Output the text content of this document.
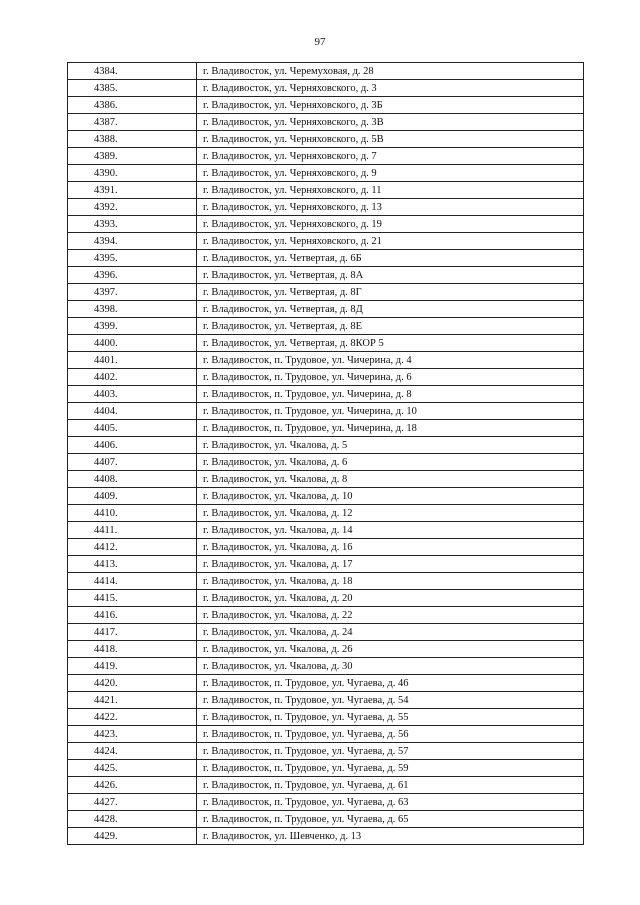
97
4384.	г. Владивосток, ул. Черемуховая, д. 28
4385.	г. Владивосток, ул. Черняховского, д. 3
4386.	г. Владивосток, ул. Черняховского, д. 3Б
4387.	г. Владивосток, ул. Черняховского, д. 3В
4388.	г. Владивосток, ул. Черняховского, д. 5В
4389.	г. Владивосток, ул. Черняховского, д. 7
4390.	г. Владивосток, ул. Черняховского, д. 9
4391.	г. Владивосток, ул. Черняховского, д. 11
4392.	г. Владивосток, ул. Черняховского, д. 13
4393.	г. Владивосток, ул. Черняховского, д. 19
4394.	г. Владивосток, ул. Черняховского, д. 21
4395.	г. Владивосток, ул. Четвертая, д. 6Б
4396.	г. Владивосток, ул. Четвертая, д. 8А
4397.	г. Владивосток, ул. Четвертая, д. 8Г
4398.	г. Владивосток, ул. Четвертая, д. 8Д
4399.	г. Владивосток, ул. Четвертая, д. 8Е
4400.	г. Владивосток, ул. Четвертая, д. 8КОР 5
4401.	г. Владивосток, п. Трудовое, ул. Чичерина, д. 4
4402.	г. Владивосток, п. Трудовое, ул. Чичерина, д. 6
4403.	г. Владивосток, п. Трудовое, ул. Чичерина, д. 8
4404.	г. Владивосток, п. Трудовое, ул. Чичерина, д. 10
4405.	г. Владивосток, п. Трудовое, ул. Чичерина, д. 18
4406.	г. Владивосток, ул. Чкалова, д. 5
4407.	г. Владивосток, ул. Чкалова, д. 6
4408.	г. Владивосток, ул. Чкалова, д. 8
4409.	г. Владивосток, ул. Чкалова, д. 10
4410.	г. Владивосток, ул. Чкалова, д. 12
4411.	г. Владивосток, ул. Чкалова, д. 14
4412.	г. Владивосток, ул. Чкалова, д. 16
4413.	г. Владивосток, ул. Чкалова, д. 17
4414.	г. Владивосток, ул. Чкалова, д. 18
4415.	г. Владивосток, ул. Чкалова, д. 20
4416.	г. Владивосток, ул. Чкалова, д. 22
4417.	г. Владивосток, ул. Чкалова, д. 24
4418.	г. Владивосток, ул. Чкалова, д. 26
4419.	г. Владивосток, ул. Чкалова, д. 30
4420.	г. Владивосток, п. Трудовое, ул. Чугаева, д. 46
4421.	г. Владивосток, п. Трудовое, ул. Чугаева, д. 54
4422.	г. Владивосток, п. Трудовое, ул. Чугаева, д. 55
4423.	г. Владивосток, п. Трудовое, ул. Чугаева, д. 56
4424.	г. Владивосток, п. Трудовое, ул. Чугаева, д. 57
4425.	г. Владивосток, п. Трудовое, ул. Чугаева, д. 59
4426.	г. Владивосток, п. Трудовое, ул. Чугаева, д. 61
4427.	г. Владивосток, п. Трудовое, ул. Чугаева, д. 63
4428.	г. Владивосток, п. Трудовое, ул. Чугаева, д. 65
4429.	г. Владивосток, ул. Шевченко, д. 13
